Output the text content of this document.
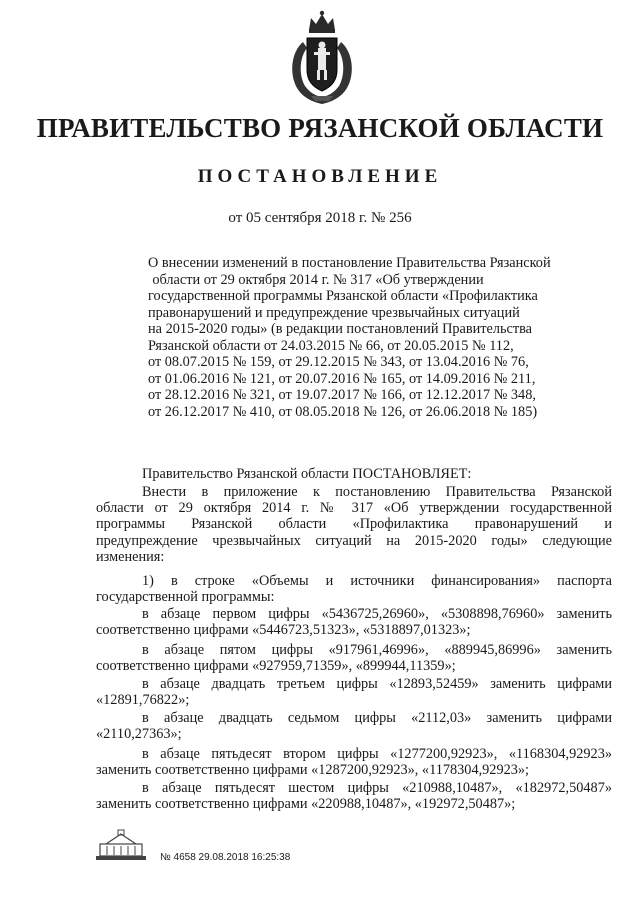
ПРАВИТЕЛЬСТВО РЯЗАНСКОЙ ОБЛАСТИ
ПОСТАНОВЛЕНИЕ
от 05 сентября 2018 г. № 256
О внесении изменений в постановление Правительства Рязанской
области от 29 октября 2014 г. № 317 «Об утверждении
государственной программы Рязанской области «Профилактика
правонарушений и предупреждение чрезвычайных ситуаций
на 2015-2020 годы» (в редакции постановлений Правительства
Рязанской области от 24.03.2015 № 66, от 20.05.2015 № 112,
от 08.07.2015 № 159, от 29.12.2015 № 343, от 13.04.2016 № 76,
от 01.06.2016 № 121, от 20.07.2016 № 165, от 14.09.2016 № 211,
от 28.12.2016 № 321, от 19.07.2017 № 166, от 12.12.2017 № 348,
от 26.12.2017 № 410, от 08.05.2018 № 126, от 26.06.2018 № 185)
Правительство Рязанской области ПОСТАНОВЛЯЕТ:
Внести в приложение к постановлению Правительства Рязанской
области от 29 октября 2014 г. № 317 «Об утверждении государственной
программы Рязанской области «Профилактика правонарушений и
предупреждение чрезвычайных ситуаций на 2015-2020 годы» следующие
изменения:
1) в строке «Объемы и источники финансирования» паспорта
государственной программы:
в абзаце первом цифры «5436725,26960», «5308898,76960» заменить
соответственно цифрами «5446723,51323», «5318897,01323»;
в абзаце пятом цифры «917961,46996», «889945,86996» заменить
соответственно цифрами «927959,71359», «899944,11359»;
в абзаце двадцать третьем цифры «12893,52459» заменить цифрами
«12891,76822»;
в абзаце двадцать седьмом цифры «2112,03» заменить цифрами
«2110,27363»;
в абзаце пятьдесят втором цифры «1277200,92923», «1168304,92923»
заменить соответственно цифрами «1287200,92923», «1178304,92923»;
в абзаце пятьдесят шестом цифры «210988,10487», «182972,50487»
заменить соответственно цифрами «220988,10487», «192972,50487»;
№ 4658 29.08.2018 16:25:38
